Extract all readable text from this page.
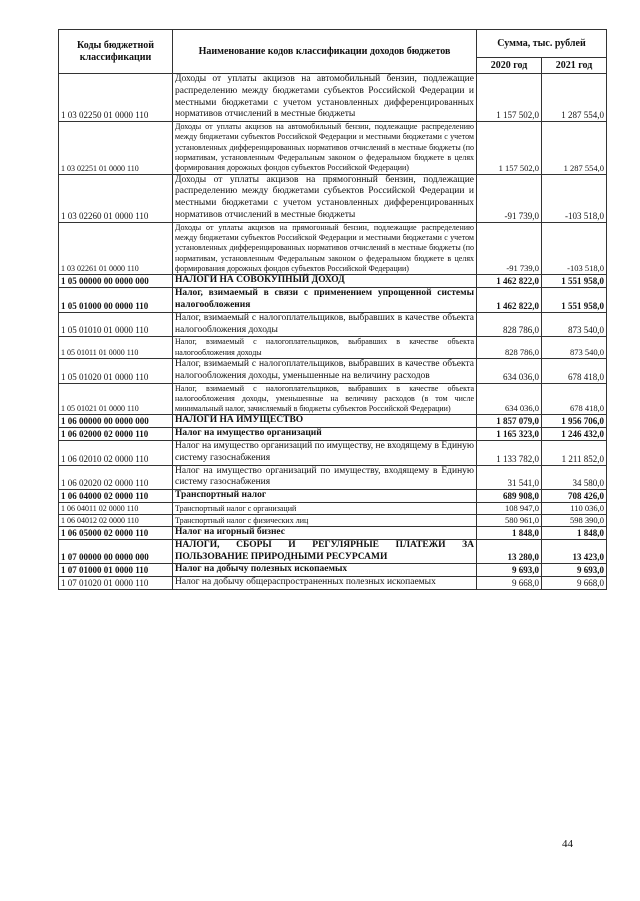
Коды бюджетной классификации	Наименование кодов классификации доходов бюджетов	Сумма, тыс. рублей	
		2020 год	2021 год
1 03 02250 01 0000 110	Доходы от уплаты акцизов на автомобильный бензин, подлежащие распределению между бюджетами субъектов Российской Федерации и местными бюджетами с учетом установленных дифференцированных нормативов отчислений в местные бюджеты	1 157 502,0	1 287 554,0
1 03 02251 01 0000 110	Доходы от уплаты акцизов на автомобильный бензин, подлежащие распределению между бюджетами субъектов Российской Федерации и местными бюджетами с учетом установленных дифференцированных нормативов отчислений в местные бюджеты (по нормативам, установленным Федеральным законом о федеральном бюджете в целях формирования дорожных фондов субъектов Российской Федерации)	1 157 502,0	1 287 554,0
1 03 02260 01 0000 110	Доходы от уплаты акцизов на прямогонный бензин, подлежащие распределению между бюджетами субъектов Российской Федерации и местными бюджетами с учетом установленных дифференцированных нормативов отчислений в местные бюджеты	-91 739,0	-103 518,0
1 03 02261 01 0000 110	Доходы от уплаты акцизов на прямогонный бензин, подлежащие распределению между бюджетами субъектов Российской Федерации и местными бюджетами с учетом установленных дифференцированных нормативов отчислений в местные бюджеты (по нормативам, установленным Федеральным законом о федеральном бюджете в целях формирования дорожных фондов субъектов Российской Федерации)	-91 739,0	-103 518,0
1 05 00000 00 0000 000	НАЛОГИ НА СОВОКУПНЫЙ ДОХОД	1 462 822,0	1 551 958,0
1 05 01000 00 0000 110	Налог, взимаемый в связи с применением упрощенной системы налогообложения	1 462 822,0	1 551 958,0
1 05 01010 01 0000 110	Налог, взимаемый с налогоплательщиков, выбравших в качестве объекта налогообложения доходы	828 786,0	873 540,0
1 05 01011 01 0000 110	Налог, взимаемый с налогоплательщиков, выбравших в качестве объекта налогообложения доходы	828 786,0	873 540,0
1 05 01020 01 0000 110	Налог, взимаемый с налогоплательщиков, выбравших в качестве объекта налогообложения доходы, уменьшенные на величину расходов	634 036,0	678 418,0
1 05 01021 01 0000 110	Налог, взимаемый с налогоплательщиков, выбравших в качестве объекта налогообложения доходы, уменьшенные на величину расходов (в том числе минимальный налог, зачисляемый в бюджеты субъектов Российской Федерации)	634 036,0	678 418,0
1 06 00000 00 0000 000	НАЛОГИ НА ИМУЩЕСТВО	1 857 079,0	1 956 706,0
1 06 02000 02 0000 110	Налог на имущество организаций	1 165 323,0	1 246 432,0
1 06 02010 02 0000 110	Налог на имущество организаций по имуществу, не входящему в Единую систему газоснабжения	1 133 782,0	1 211 852,0
1 06 02020 02 0000 110	Налог на имущество организаций по имуществу, входящему в Единую систему газоснабжения	31 541,0	34 580,0
1 06 04000 02 0000 110	Транспортный налог	689 908,0	708 426,0
1 06 04011 02 0000 110	Транспортный налог с организаций	108 947,0	110 036,0
1 06 04012 02 0000 110	Транспортный налог с физических лиц	580 961,0	598 390,0
1 06 05000 02 0000 110	Налог на игорный бизнес	1 848,0	1 848,0
1 07 00000 00 0000 000	НАЛОГИ, СБОРЫ И РЕГУЛЯРНЫЕ ПЛАТЕЖИ ЗА ПОЛЬЗОВАНИЕ ПРИРОДНЫМИ РЕСУРСАМИ	13 280,0	13 423,0
1 07 01000 01 0000 110	Налог на добычу полезных ископаемых	9 693,0	9 693,0
1 07 01020 01 0000 110	Налог на добычу общераспространенных полезных ископаемых	9 668,0	9 668,0
44
